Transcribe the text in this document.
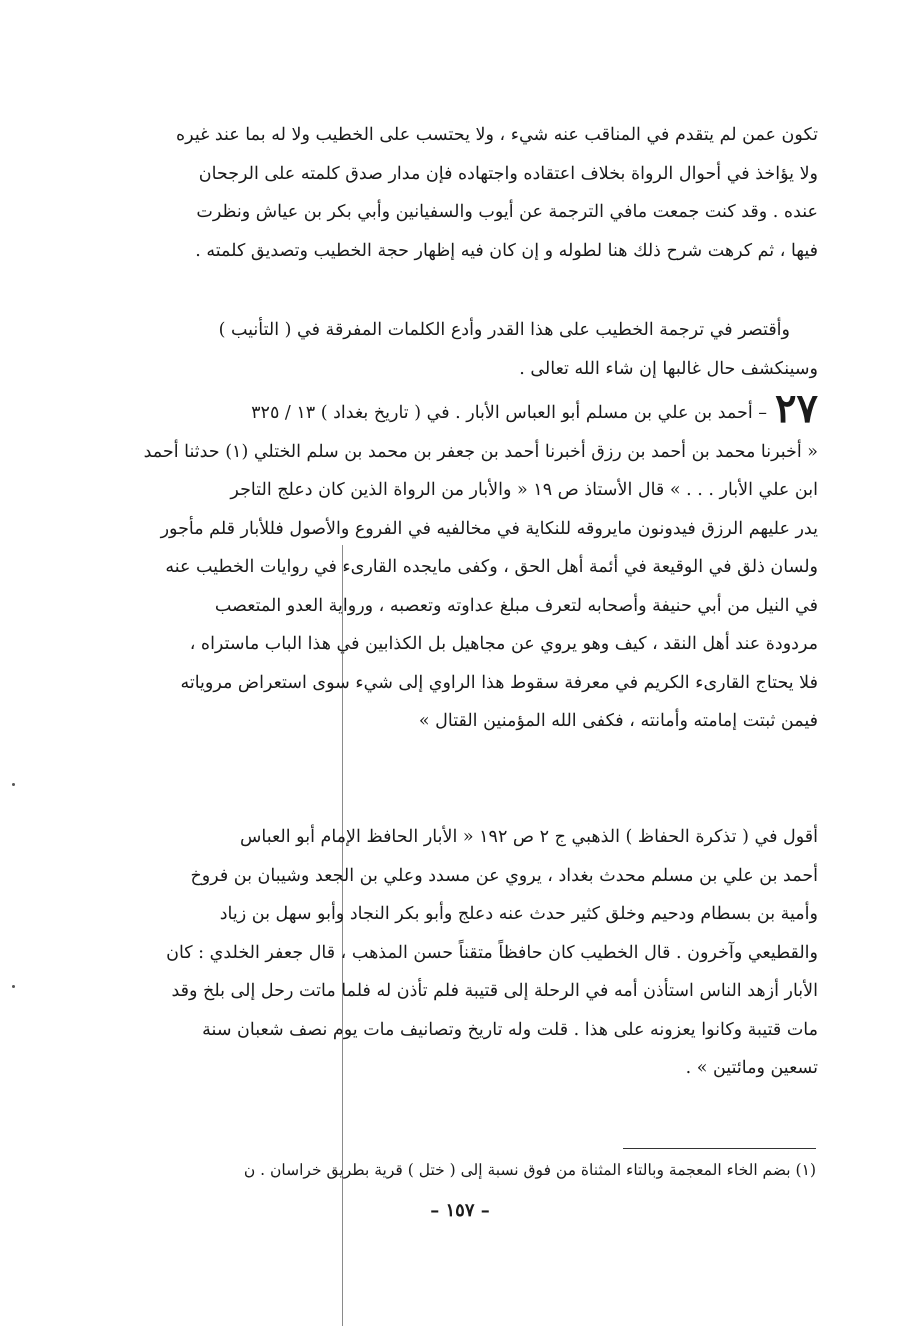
تكون عمن لم يتقدم في المناقب عنه شيء ، ولا يحتسب على الخطيب ولا له بما عند غيره
ولا يؤاخذ في أحوال الرواة بخلاف اعتقاده واجتهاده فإن مدار صدق كلمته على الرجحان
عنده . وقد كنت جمعت مافي الترجمة عن أيوب والسفيانين وأبي بكر بن عياش ونظرت
فيها ، ثم كرهت شرح ذلك هنا لطوله و إن كان فيه إظهار حجة الخطيب وتصديق كلمته .
وأقتصر في ترجمة الخطيب على هذا القدر وأدع الكلمات المفرقة في ( التأنيب )
وسينكشف حال غالبها إن شاء الله تعالى .
٢٧– أحمد بن علي بن مسلم أبو العباس الأبار . في ( تاريخ بغداد ) ١٣ / ٣٢٥
« أخبرنا محمد بن أحمد بن رزق أخبرنا أحمد بن جعفر بن محمد بن سلم الختلي (١) حدثنا أحمد
ابن علي الأبار . . . » قال الأستاذ ص ١٩ « والأبار من الرواة الذين كان دعلج التاجر
يدر عليهم الرزق فيدونون مايروقه للنكاية في مخالفيه في الفروع والأصول فللأبار قلم مأجور
ولسان ذلق في الوقيعة في أئمة أهل الحق ، وكفى مايجده القارىء في روايات الخطيب عنه
في النيل من أبي حنيفة وأصحابه لتعرف مبلغ عداوته وتعصبه ، ورواية العدو المتعصب
مردودة عند أهل النقد ، كيف وهو يروي عن مجاهيل بل الكذابين في هذا الباب ماستراه ،
فلا يحتاج القارىء الكريم في معرفة سقوط هذا الراوي إلى شيء سوى استعراض مروياته
فيمن ثبتت إمامته وأمانته ، فكفى الله المؤمنين القتال »
أقول في ( تذكرة الحفاظ ) الذهبي ج ٢ ص ١٩٢ « الأبار الحافظ الإمام أبو العباس
أحمد بن علي بن مسلم محدث بغداد ، يروي عن مسدد وعلي بن الجعد وشيبان بن فروخ
وأمية بن بسطام ودحيم وخلق كثير حدث عنه دعلج وأبو بكر النجاد وأبو سهل بن زياد
والقطيعي وآخرون . قال الخطيب كان حافظاً متقناً حسن المذهب ، قال جعفر الخلدي : كان
الأبار أزهد الناس استأذن أمه في الرحلة إلى قتيبة فلم تأذن له فلما ماتت رحل إلى بلخ وقد
مات قتيبة وكانوا يعزونه على هذا . قلت وله تاريخ وتصانيف مات يوم نصف شعبان سنة
تسعين ومائتين » .
(١) بضم الخاء المعجمة وبالتاء المثناة من فوق نسبة إلى ( ختل ) قرية بطريق خراسان . ن
– ١٥٧ –
